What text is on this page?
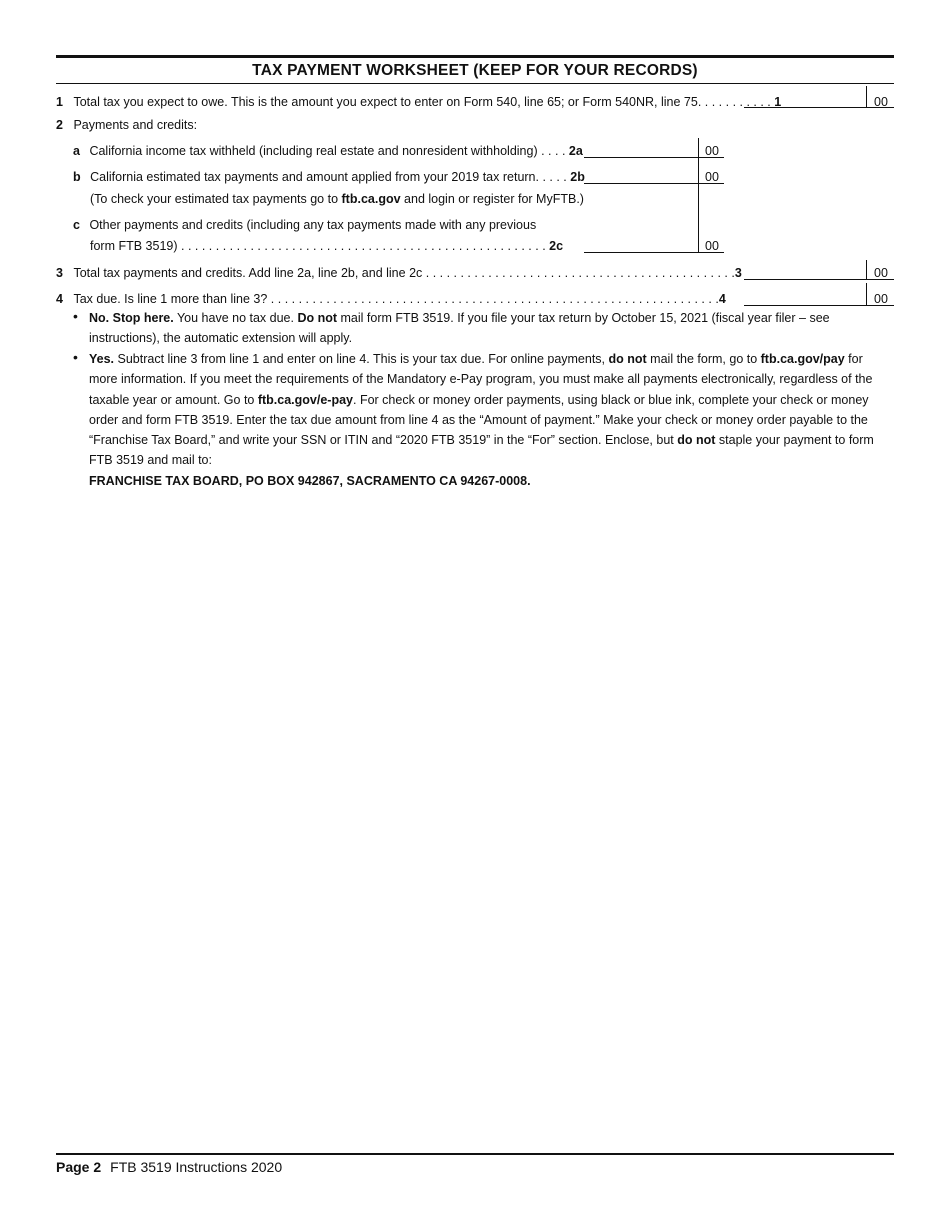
TAX PAYMENT WORKSHEET (KEEP FOR YOUR RECORDS)
1 Total tax you expect to owe. This is the amount you expect to enter on Form 540, line 65; or Form 540NR, line 75. . . . . . . . . . . 1	00
2 Payments and credits:
a California income tax withheld (including real estate and nonresident withholding) . . . . 2a	00
b California estimated tax payments and amount applied from your 2019 tax return. . . . . 2b	00
(To check your estimated tax payments go to ftb.ca.gov and login or register for MyFTB.)
c Other payments and credits (including any tax payments made with any previous
form FTB 3519) . . . . . . . . . . . . . . . . . . . . . . . . . . . . . . . . . . . . . . . . . . . . . . . . . . . . . 2c	00
3 Total tax payments and credits. Add line 2a, line 2b, and line 2c . . . . . . . . . . . . . . . . . . . . . . . . . . . . . . . . . . . . . . . . . . . . .3	00
4 Tax due. Is line 1 more than line 3? . . . . . . . . . . . . . . . . . . . . . . . . . . . . . . . . . . . . . . . . . . . . . . . . . . . . . . . . . . . . . . . . .4	00
• No. Stop here. You have no tax due. Do not mail form FTB 3519. If you file your tax return by October 15, 2021 (fiscal year filer – see instructions), the automatic extension will apply.
• Yes. Subtract line 3 from line 1 and enter on line 4. This is your tax due. For online payments, do not mail the form, go to ftb.ca.gov/pay for more information. If you meet the requirements of the Mandatory e-Pay program, you must make all payments electronically, regardless of the taxable year or amount. Go to ftb.ca.gov/e-pay. For check or money order payments, using black or blue ink, complete your check or money order and form FTB 3519. Enter the tax due amount from line 4 as the “Amount of payment.” Make your check or money order payable to the “Franchise Tax Board,” and write your SSN or ITIN and “2020 FTB 3519” in the “For” section. Enclose, but do not staple your payment to form FTB 3519 and mail to:
FRANCHISE TAX BOARD, PO BOX 942867, SACRAMENTO CA 94267-0008.
Page 2 FTB 3519 Instructions 2020
